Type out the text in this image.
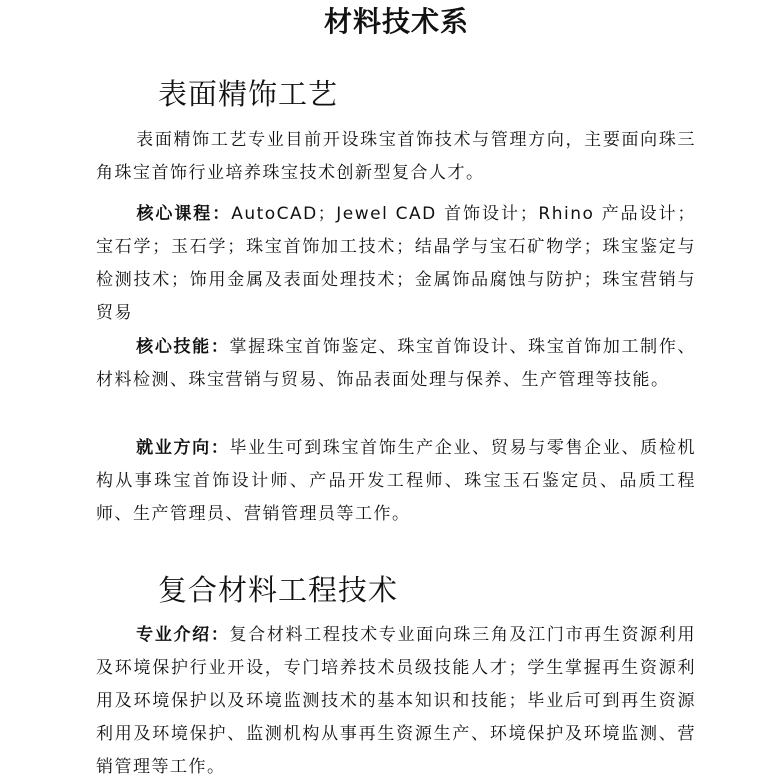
材料技术系
表面精饰工艺
表面精饰工艺专业目前开设珠宝首饰技术与管理方向，主要面向珠三角珠宝首饰行业培养珠宝技术创新型复合人才。
核心课程：AutoCAD；Jewel CAD 首饰设计；Rhino 产品设计；宝石学；玉石学；珠宝首饰加工技术；结晶学与宝石矿物学；珠宝鉴定与检测技术；饰用金属及表面处理技术；金属饰品腐蚀与防护；珠宝营销与贸易
核心技能：掌握珠宝首饰鉴定、珠宝首饰设计、珠宝首饰加工制作、材料检测、珠宝营销与贸易、饰品表面处理与保养、生产管理等技能。
就业方向：毕业生可到珠宝首饰生产企业、贸易与零售企业、质检机构从事珠宝首饰设计师、产品开发工程师、珠宝玉石鉴定员、品质工程师、生产管理员、营销管理员等工作。
复合材料工程技术
专业介绍：复合材料工程技术专业面向珠三角及江门市再生资源利用及环境保护行业开设，专门培养技术员级技能人才；学生掌握再生资源利用及环境保护以及环境监测技术的基本知识和技能；毕业后可到再生资源利用及环境保护、监测机构从事再生资源生产、环境保护及环境监测、营销管理等工作。
